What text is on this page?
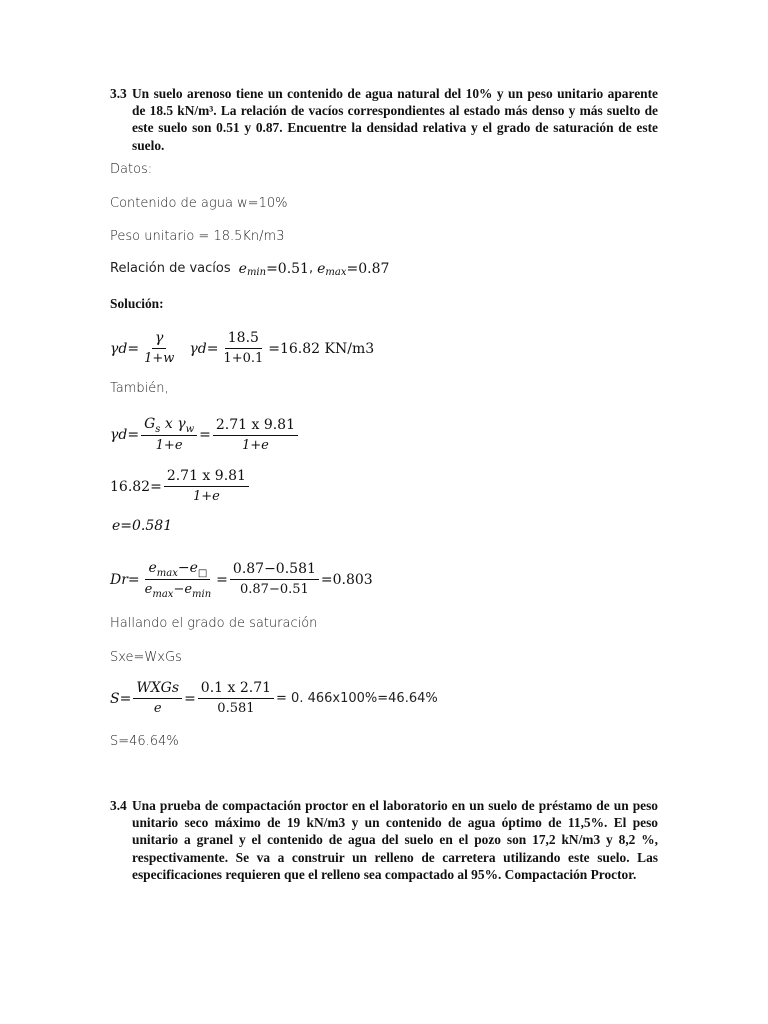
3.3 Un suelo arenoso tiene un contenido de agua natural del 10% y un peso unitario aparente de 18.5 kN/m³. La relación de vacíos correspondientes al estado más denso y más suelto de este suelo son 0.51 y 0.87. Encuentre la densidad relativa y el grado de saturación de este suelo.
Datos:
Contenido de agua w=10%
Peso unitario = 18.5Kn/m3
Relación de vacíos e min =0.51 , e max =0.87
Solución:
$\gamma d= \frac{\gamma}{1+w} \gamma d= \frac{18.5}{1+0.1} =16.82$ KN/m3
También,
$\gamma d= \frac{G_s x \gamma_w}{1+e} = \frac{2.71 x 9.81}{1+e}$
$16.82= \frac{2.71 x 9.81}{1+e}$
e=0.581
$Dr= \frac{e_{max}-e_□}{e_{max}-e_{min}} = \frac{0.87-0.581}{0.87-0.51} =0.803$
Hallando el grado de saturación
Sxe=WxGs
$S= \frac{\text{WXGs}}{e} = \frac{0.1 x 2.71}{0.581} = 0$. 466x100%=46.64%
S=46.64%
3.4 Una prueba de compactación proctor en el laboratorio en un suelo de préstamo de un peso unitario seco máximo de 19 kN/m3 y un contenido de agua óptimo de 11,5%. El peso unitario a granel y el contenido de agua del suelo en el pozo son 17,2 kN/m3 y 8,2 %, respectivamente. Se va a construir un relleno de carretera utilizando este suelo. Las especificaciones requieren que el relleno sea compactado al 95%. Compactación Proctor.
